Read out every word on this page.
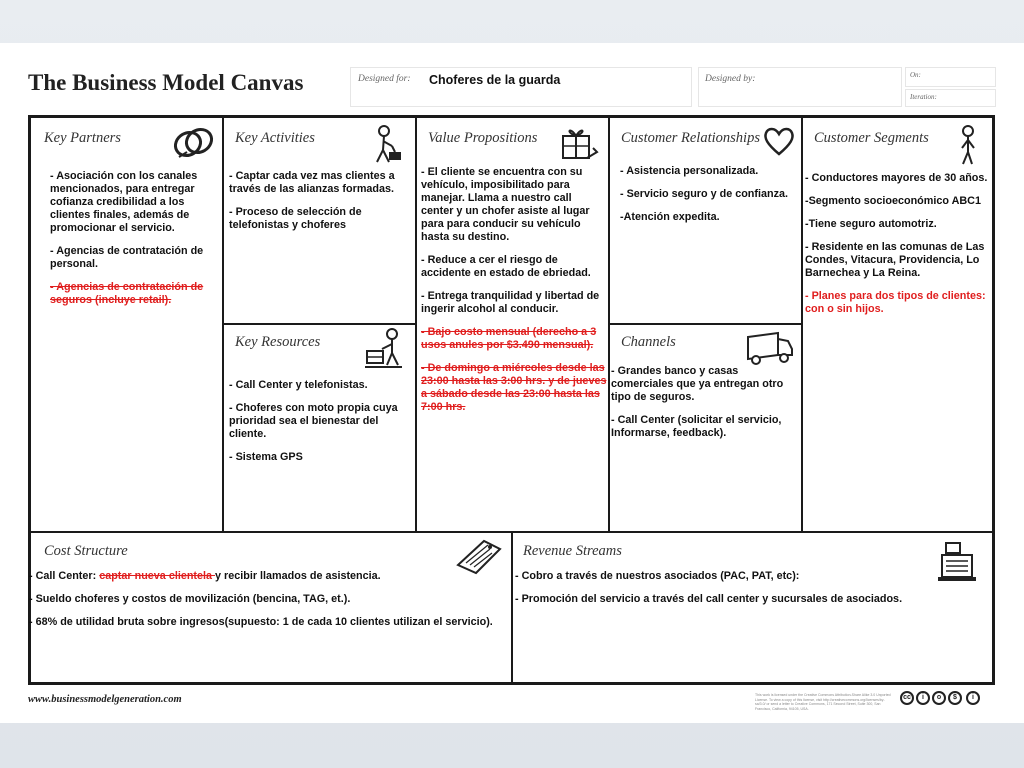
The Business Model Canvas	Designed for: Choferes de la guarda	Designed by:	On:
Iteration:
Key Partners
- Asociación con los canales mencionados, para entregar cofianza credibilidad a los clientes finales, además de promocionar el servicio.
- Agencias de contratación de personal.
- Agencias de contratación de seguros (incluye retail).
Key Activities
- Captar cada vez mas clientes a través de las alianzas formadas.
- Proceso de selección de telefonistas y choferes
Key Resources
- Call Center y telefonistas.
- Choferes con moto propia cuya prioridad sea el bienestar del cliente.
- Sistema GPS
Value Propositions
- El cliente se encuentra con su vehículo, imposibilitado para manejar. Llama a nuestro call center y un chofer asiste al lugar para para conducir su vehículo hasta su destino.
- Reduce a cer el riesgo de accidente en estado de ebriedad.
- Entrega tranquilidad y libertad de ingerir alcohol al conducir.
- Bajo costo mensual (derecho a 3 usos anules por $3.490 mensual).
- De domingo a miércoles desde las 23:00 hasta las 3:00 hrs. y de jueves a sábado desde las 23:00 hasta las 7:00 hrs.
Customer Relationships
- Asistencia personalizada.
- Servicio seguro y de confianza.
-Atención expedita.
Channels
- Grandes banco y casas comerciales que ya entregan otro tipo de seguros.
- Call Center (solicitar el servicio, Informarse, feedback).
Customer Segments
- Conductores mayores de 30 años.
-Segmento socioeconómico ABC1
-Tiene seguro automotriz.
- Residente en las comunas de Las Condes, Vitacura, Providencia, Lo Barnechea y La Reina.
- Planes para dos tipos de clientes: con o sin hijos.
Cost Structure
- Call Center: captar nueva clientela y recibir llamados de asistencia.
- Sueldo choferes y costos de movilización (bencina, TAG, et.).
- 68% de utilidad bruta sobre ingresos(supuesto: 1 de cada 10 clientes utilizan el servicio).
Revenue Streams
- Cobro a través de nuestros asociados (PAC, PAT, etc):
- Promoción del servicio a través del call center y sucursales de asociados.
www.businessmodelgeneration.com	This work is licensed under the Creative Commons Attribution-Share Alike 3.0 Unported License. To view a copy of this license, visit http://creativecommons.org/licenses/by-sa/3.0/ or send a letter to Creative Commons, 171 Second Street, Suite 300, San Francisco, California, 94105, USA.
cc	i	o	$	i
